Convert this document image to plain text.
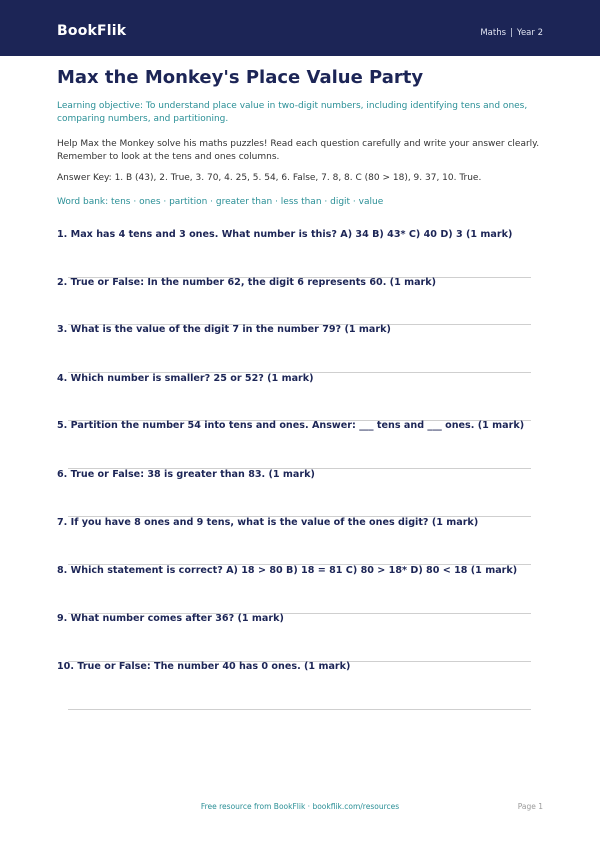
BookFlik	Maths | Year 2
Max the Monkey's Place Value Party
Learning objective: To understand place value in two-digit numbers, including identifying tens and ones, comparing numbers, and partitioning.
Help Max the Monkey solve his maths puzzles! Read each question carefully and write your answer clearly. Remember to look at the tens and ones columns.
Answer Key: 1. B (43), 2. True, 3. 70, 4. 25, 5. 54, 6. False, 7. 8, 8. C (80 > 18), 9. 37, 10. True.
Word bank: tens · ones · partition · greater than · less than · digit · value
1. Max has 4 tens and 3 ones. What number is this? A) 34 B) 43* C) 40 D) 3 (1 mark)
2. True or False: In the number 62, the digit 6 represents 60. (1 mark)
3. What is the value of the digit 7 in the number 79? (1 mark)
4. Which number is smaller? 25 or 52? (1 mark)
5. Partition the number 54 into tens and ones. Answer: ___ tens and ___ ones. (1 mark)
6. True or False: 38 is greater than 83. (1 mark)
7. If you have 8 ones and 9 tens, what is the value of the ones digit? (1 mark)
8. Which statement is correct? A) 18 > 80 B) 18 = 81 C) 80 > 18* D) 80 < 18 (1 mark)
9. What number comes after 36? (1 mark)
10. True or False: The number 40 has 0 ones. (1 mark)
Free resource from BookFlik · bookflik.com/resources	Page 1
